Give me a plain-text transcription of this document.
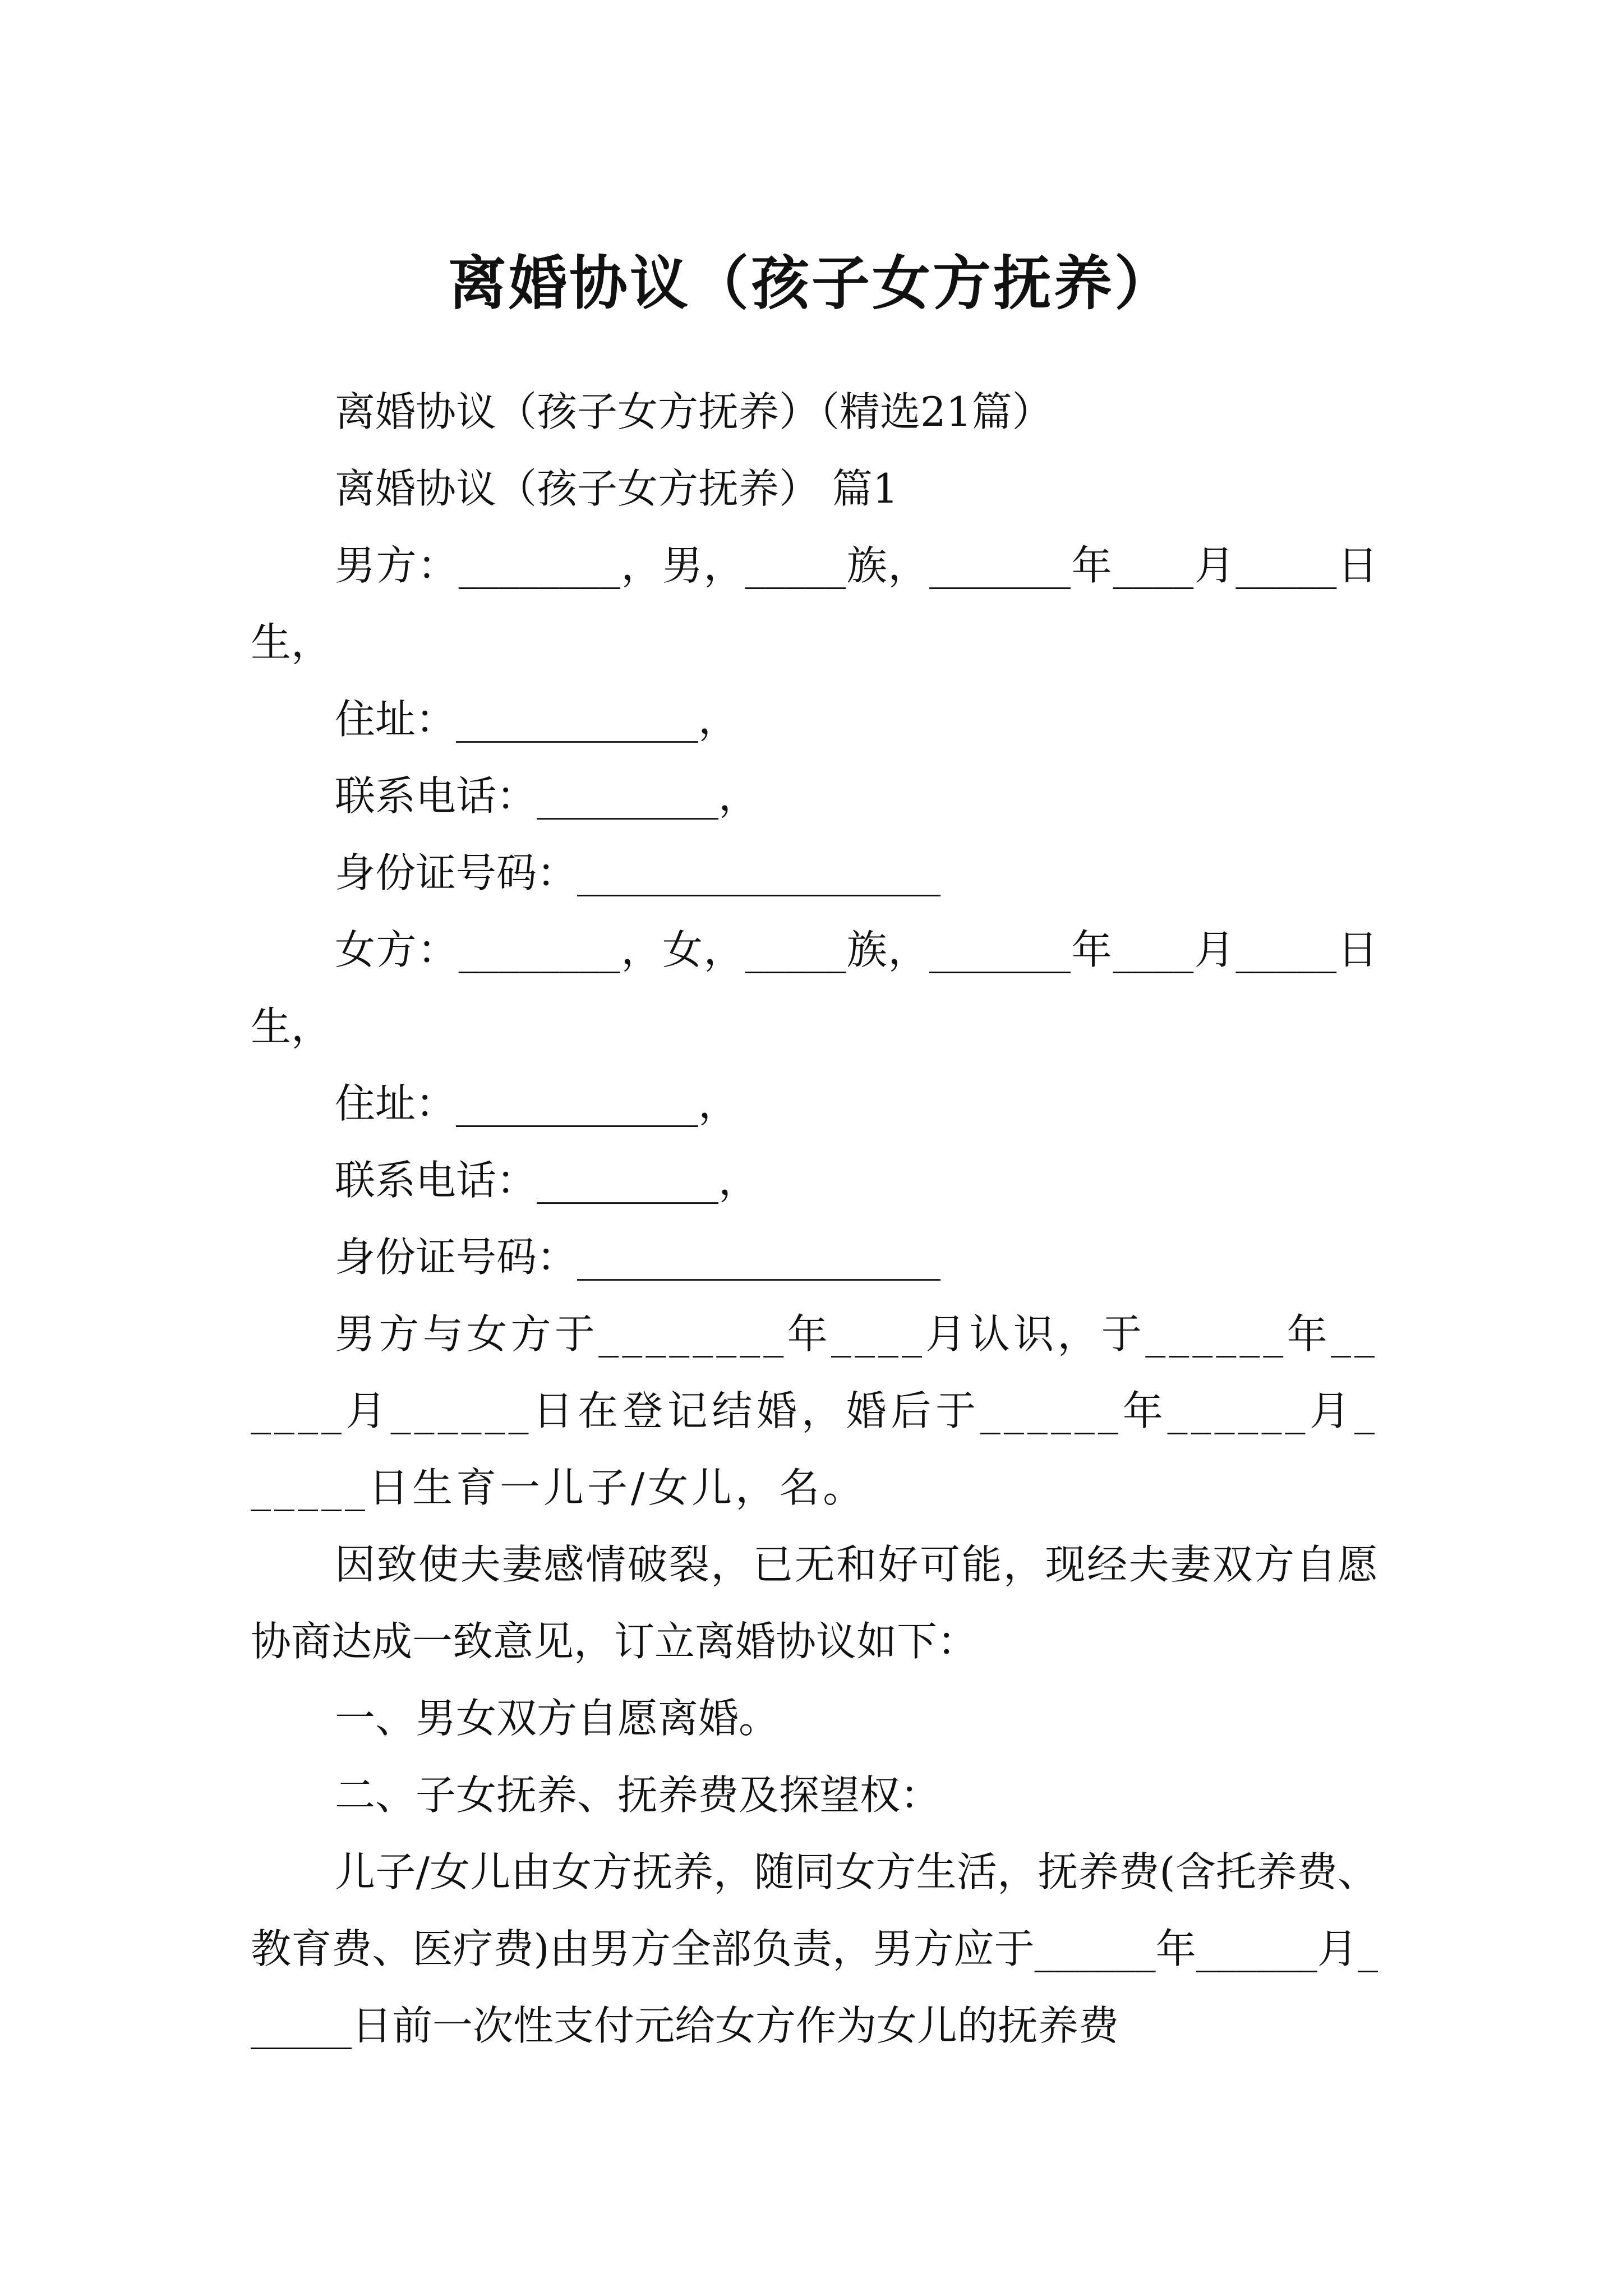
离婚协议（孩子女方抚养）

离婚协议（孩子女方抚养）（精选21篇）

离婚协议（孩子女方抚养） 篇1

男方：________，男，_____族，_______年____月_____日生，

住址：____________，

联系电话：_________，

身份证号码：__________________

女方：________，女，_____族，_______年____月_____日生，

住址：____________，

联系电话：_________，

身份证号码：__________________

男方与女方于________年____月认识，于______年______月______日在登记结婚，婚后于______年______月______日生育一儿子/女儿，名。

因致使夫妻感情破裂，已无和好可能，现经夫妻双方自愿协商达成一致意见，订立离婚协议如下：

一、男女双方自愿离婚。

二、子女抚养、抚养费及探望权：

儿子/女儿由女方抚养，随同女方生活，抚养费(含托养费、教育费、医疗费)由男方全部负责，男方应于______年______月______日前一次性支付元给女方作为女儿的抚养费
